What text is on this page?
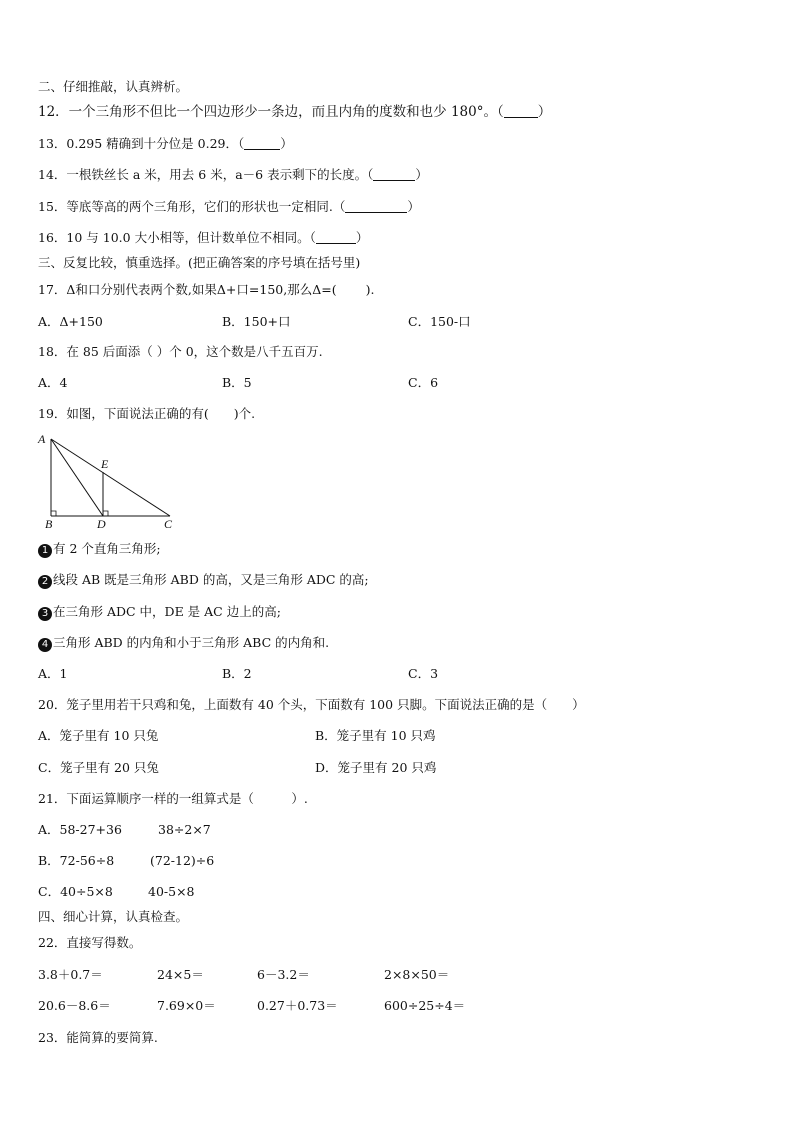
二、仔细推敲，认真辨析。
12．一个三角形不但比一个四边形少一条边，而且内角的度数和也少 180°。（	）
13．0.295 精确到十分位是 0.29．（	）
14．一根铁丝长 a 米，用去 6 米，a－6 表示剩下的长度。（	）
15．等底等高的两个三角形，它们的形状也一定相同.（	）
16．10 与 10.0 大小相等，但计数单位不相同。（	）
三、反复比较，慎重选择。(把正确答案的序号填在括号里)
17．Δ和口分别代表两个数,如果Δ+口=150,那么Δ=(　　 ).
A．Δ+150	B．150+口	C．150-口
18．在 85 后面添（ ）个 0，这个数是八千五百万.
A．4	B．5	C．6
19．如图，下面说法正确的有(　　)个.
A
B	D	C
E
1 有 2 个直角三角形;
2 线段 AB 既是三角形 ABD 的高，又是三角形 ADC 的高;
3 在三角形 ADC 中，DE 是 AC 边上的高;
4 三角形 ABD 的内角和小于三角形 ABC 的内角和.
A．1	B．2	C．3
20．笼子里用若干只鸡和兔，上面数有 40 个头，下面数有 100 只脚。下面说法正确的是（　　）
A．笼子里有 10 只兔	B．笼子里有 10 只鸡
C．笼子里有 20 只兔	D．笼子里有 20 只鸡
21．下面运算顺序一样的一组算式是（　　　）.
A．58-27+36	38÷2×7
B．72-56÷8	(72-12)÷6
C．40÷5×8	40-5×8
四、细心计算，认真检查。
22．直接写得数。
3.8＋0.7＝	24×5＝	6－3.2＝	2×8×50＝
20.6－8.6＝	7.69×0＝	0.27＋0.73＝	600÷25÷4＝
23．能简算的要简算.
